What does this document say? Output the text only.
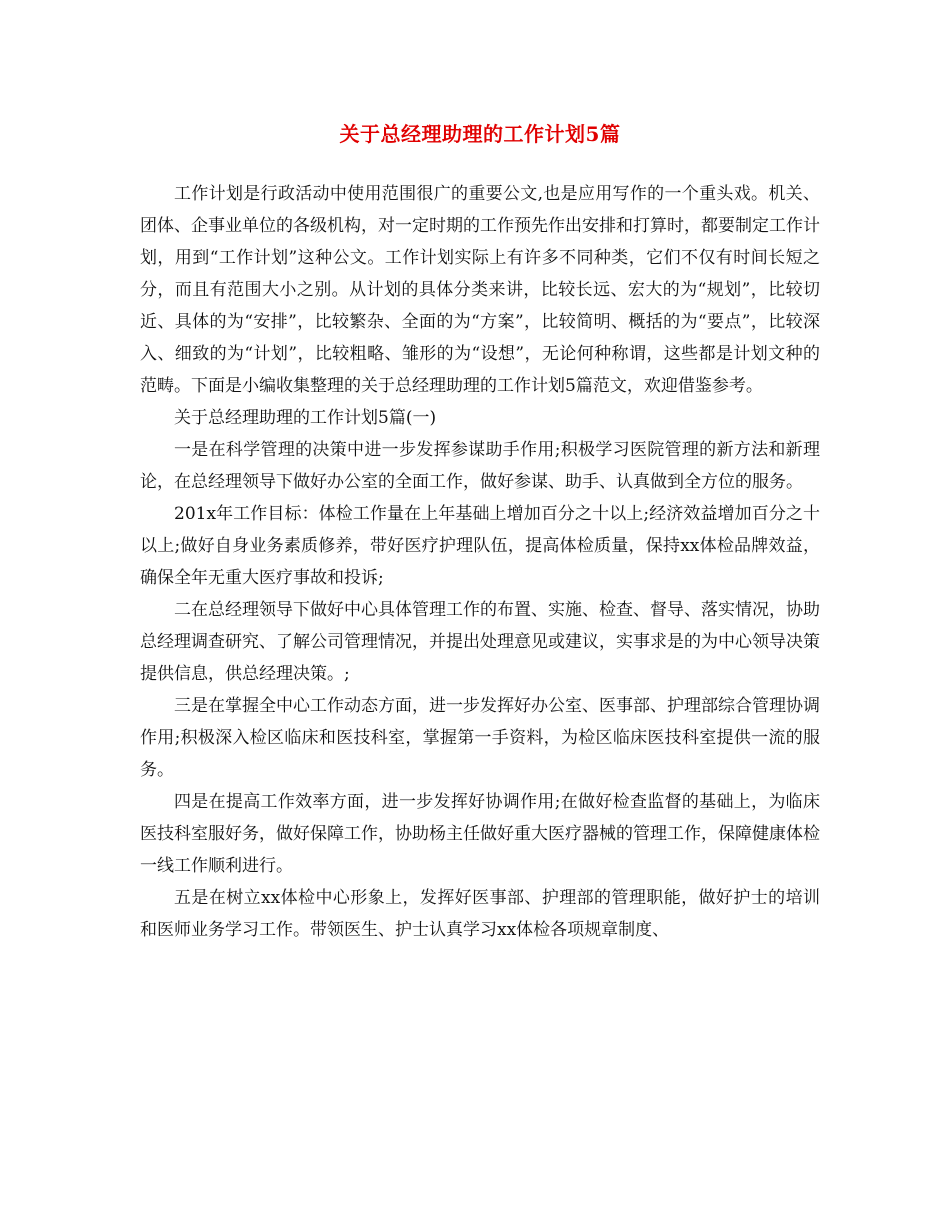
关于总经理助理的工作计划5篇

工作计划是行政活动中使用范围很广的重要公文,也是应用写作的一个重头戏。机关、团体、企事业单位的各级机构，对一定时期的工作预先作出安排和打算时，都要制定工作计划，用到“工作计划”这种公文。工作计划实际上有许多不同种类，它们不仅有时间长短之分，而且有范围大小之别。从计划的具体分类来讲，比较长远、宏大的为“规划”，比较切近、具体的为“安排”，比较繁杂、全面的为“方案”，比较简明、概括的为“要点”，比较深入、细致的为“计划”，比较粗略、雏形的为“设想”，无论何种称谓，这些都是计划文种的范畴。下面是小编收集整理的关于总经理助理的工作计划5篇范文，欢迎借鉴参考。

关于总经理助理的工作计划5篇(一)

一是在科学管理的决策中进一步发挥参谋助手作用;积极学习医院管理的新方法和新理论，在总经理领导下做好办公室的全面工作，做好参谋、助手、认真做到全方位的服务。

201x年工作目标：体检工作量在上年基础上增加百分之十以上;经济效益增加百分之十以上;做好自身业务素质修养，带好医疗护理队伍，提高体检质量，保持xx体检品牌效益，确保全年无重大医疗事故和投诉;

二在总经理领导下做好中心具体管理工作的布置、实施、检查、督导、落实情况，协助总经理调查研究、了解公司管理情况，并提出处理意见或建议，实事求是的为中心领导决策提供信息，供总经理决策。;

三是在掌握全中心工作动态方面，进一步发挥好办公室、医事部、护理部综合管理协调作用;积极深入检区临床和医技科室，掌握第一手资料，为检区临床医技科室提供一流的服务。

四是在提高工作效率方面，进一步发挥好协调作用;在做好检查监督的基础上，为临床医技科室服好务，做好保障工作，协助杨主任做好重大医疗器械的管理工作，保障健康体检一线工作顺利进行。

五是在树立xx体检中心形象上，发挥好医事部、护理部的管理职能，做好护士的培训和医师业务学习工作。带领医生、护士认真学习xx体检各项规章制度、
